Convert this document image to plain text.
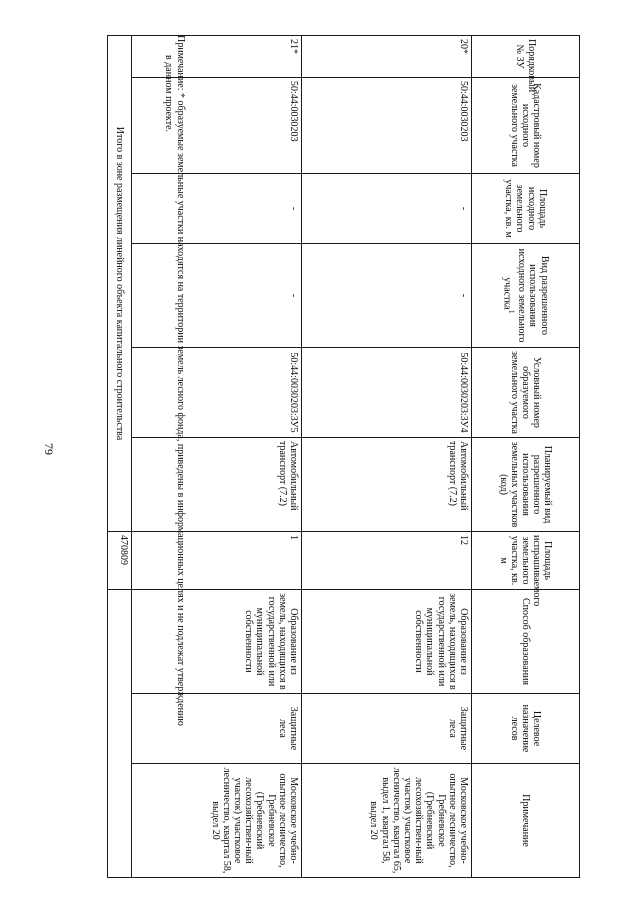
79
Порядковый № ЗУ	Кадастровый номер исходного земельного участка	Площадь исходного земельного участка, кв. м	Вид разрешенного использования исходного земельного участка$^1$	Условный номер образуемого земельного участка	Планируемый вид разрешенного использования земельных участков (код)	Площадь испрашиваемого земельного участка, кв. м	Способ образования	Целевое назначение лесов	Примечание
20*	50:44:0030203	-	-	50:44:0030203:ЗУ4	Автомобильный транспорт (7.2)	12	Образование из земель, находящихся в государственной или муниципальной собственности	Защитные леса	Московское учебно-опытное лесничество, Гребневское (Гребневский лесохозяйствен-ный участок) участковое лесничество, квартал 65, выдел 1, квартал 58, выдел 20
21*	50:44:0030203	-	-	50:44:0030203:ЗУ5	Автомобильный транспорт (7.2)	1	Образование из земель, находящихся в государственной или муниципальной собственности	Защитные леса	Московское учебно-опытное лесничество, Гребневское (Гребневский лесохозяйствен-ный участок) участковое лесничество, квартал 58, выдел 20
Итого в зоне размещения линейного объекта капитального строительства						470809				Примечание: * образуемые земельные участки находятся на территории земель лесного фонда, приведены в информационных целях и не подлежат утверждению
в данном проекте.
